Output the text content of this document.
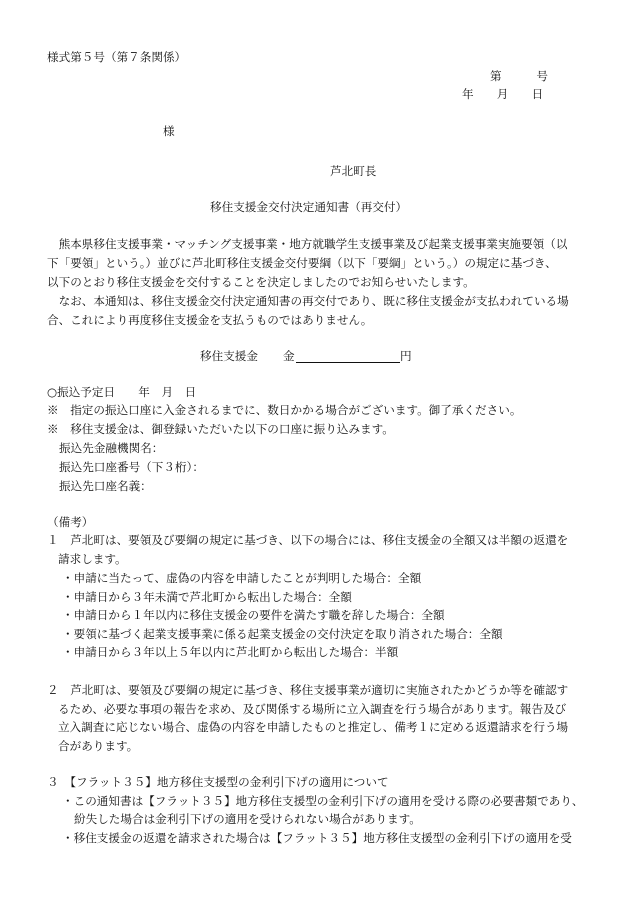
様式第５号（第７条関係）
第　　　号
年　　月　　日
様
芦北町長
移住支援金交付決定通知書（再交付）
　熊本県移住支援事業・マッチング支援事業・地方就職学生支援事業及び起業支援事業実施要領（以
下「要領」という。）並びに芦北町移住支援金交付要綱（以下「要綱」という。）の規定に基づき、
以下のとおり移住支援金を交付することを決定しましたのでお知らせいたします。
　なお、本通知は、移住支援金交付決定通知書の再交付であり、既に移住支援金が支払われている場
合、これにより再度移住支援金を支払うものではありません。
移住支援金 金	円
○振込予定日　　年　月　日
※　指定の振込口座に入金されるまでに、数日かかる場合がございます。御了承ください。
※　移住支援金は、御登録いただいた以下の口座に振り込みます。
振込先金融機関名：
振込先口座番号（下３桁）：
振込先口座名義：
（備考）
１　芦北町は、要領及び要綱の規定に基づき、以下の場合には、移住支援金の全額又は半額の返還を
請求します。
・申請に当たって、虚偽の内容を申請したことが判明した場合：全額
・申請日から３年未満で芦北町から転出した場合：全額
・申請日から１年以内に移住支援金の要件を満たす職を辞した場合：全額
・要領に基づく起業支援事業に係る起業支援金の交付決定を取り消された場合：全額
・申請日から３年以上５年以内に芦北町から転出した場合：半額
２　芦北町は、要領及び要綱の規定に基づき、移住支援事業が適切に実施されたかどうか等を確認す
るため、必要な事項の報告を求め、及び関係する場所に立入調査を行う場合があります。報告及び
立入調査に応じない場合、虚偽の内容を申請したものと推定し、備考１に定める返還請求を行う場
合があります。
３　【フラット３５】地方移住支援型の金利引下げの適用について
・この通知書は【フラット３５】地方移住支援型の金利引下げの適用を受ける際の必要書類であり、
紛失した場合は金利引下げの適用を受けられない場合があります。
・移住支援金の返還を請求された場合は【フラット３５】地方移住支援型の金利引下げの適用を受
